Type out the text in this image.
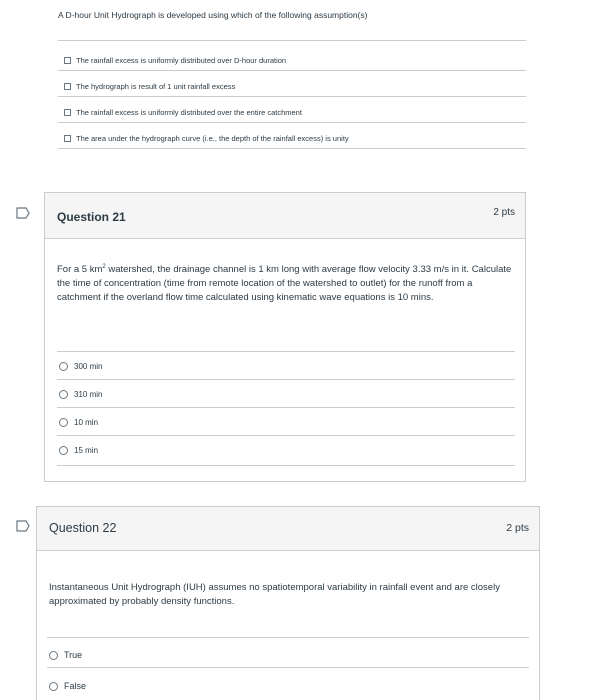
A D-hour Unit Hydrograph is developed using which of the following assumption(s)
The rainfall excess is uniformly distributed over D-hour duration
The hydrograph is result of 1 unit rainfall excess
The rainfall excess is uniformly distributed over the entire catchment
The area under the hydrograph curve (i.e., the depth of the rainfall excess) is unity
Question 21	2 pts
For a 5 $km^2$ watershed, the drainage channel is 1 km long with average flow velocity 3.33 m/s in it. Calculate the time of concentration (time from remote location of the watershed to outlet) for the runoff from a catchment if the overland flow time calculated using kinematic wave equations is 10 mins.
300 min
310 min
10 min
15 min
Question 22	2 pts
Instantaneous Unit Hydrograph (IUH) assumes no spatiotemporal variability in rainfall event and are closely approximated by probably density functions.
True
False
